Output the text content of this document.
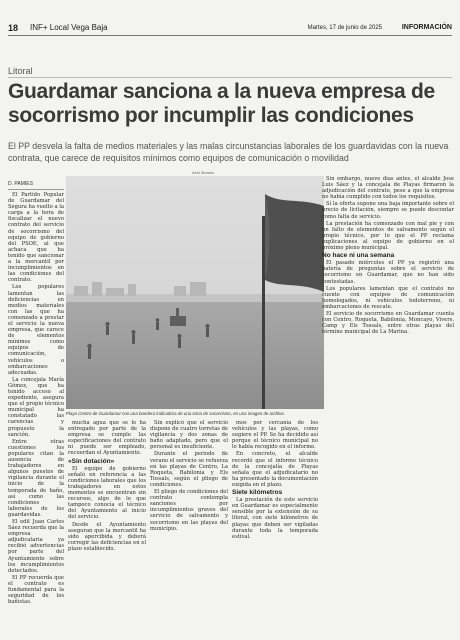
18 INF+ Local Vega Baja	Martes, 17 de junio de 2025	INFORMACIÓN
Litoral
Guardamar sanciona a la nueva empresa de socorrismo por incumplir las condiciones
El PP desvela la falta de medios materiales y las malas circunstancias laborales de los guardavidas con la nueva contrata, que carece de requisitos mínimos como equipos de comunicación o movilidad
D. PAMIES
Axel Álvarez
Playa Centro de Guardamar con una bandera indicadora de una zona de socorrismo, en una imagen de archivo.

El Partido Popular de Guardamar del Segura ha vuelto a la carga a la hora de fiscalizar el nuevo contrato del servicio de socorrismo del equipo de gobierno del PSOE, al que achaca que ha tenido que sancionar a la mercantil por incumplimientos en las condiciones del contrato.

Los populares lamentan las deficiencias en medios materiales con las que ha comenzado a prestar el servicio la nueva empresa, que carece de elementos mínimos como equipos de comunicación, vehículos o embarcaciones adecuadas.

La concejala María Gómez, que ha tenido acceso al expediente, asegura que el propio técnico municipal ha constatado las carencias y propuesto la sanción.

Entre otras cuestiones los populares citan la ausencia de trabajadores en algunos puestos de vigilancia durante el inicio de la temporada de baño, así como las condiciones laborales de los guardavidas.

El edil Juan Carlos Sáez recuerda que la empresa adjudicataria ya recibió advertencias por parte del Ayuntamiento sobre los incumplimientos detectados.

El PP recuerda que el contrato es fundamental para la seguridad de los bañistas.

mucha agua que se le ha entregado por parte de la empresa se cumple las especificaciones del contrato ni puede ser empleado, recuerdan el Ayuntamiento.

«Sin dotación»

El equipo de gobierno señaló en referencia a las condiciones laborales que los trabajadores en estos momentos se encuentran sin recursos, algo de lo que tampoco conocía el técnico del Ayuntamiento al inicio del servicio.

Desde el Ayuntamiento aseguran que la mercantil ha sido apercibida y deberá corregir las deficiencias en el plazo establecido.

Sin explicó que el servicio dispone de cuatro torretas de vigilancia y dos zonas de baño adaptado, pero que el personal es insuficiente.

Durante el periodo de verano el servicio se refuerza en las playas de Centro, La Roqueta, Babilonia y Els Tossals, según el pliego de condiciones.

El pliego de condiciones del contrato contempla sanciones por incumplimientos graves del servicio de salvamento y socorrismo en las playas del municipio.

mos por cercanía de los vehículos y las playas, como sugiere el PP. Se ha decidido así porque el técnico municipal no lo había recogido en el informe.

En concreto, el alcalde recordó que el informe técnico de la concejalía de Playas señala que el adjudicatario no ha presentado la documentación exigida en el plazo.

Siete kilómetros

La prestación de este servicio en Guardamar es especialmente sensible por la extensión de su litoral, con siete kilómetros de playas que deben ser vigiladas durante toda la temporada estival.

Sin embargo, nueve días antes, el alcalde Jose Luis Sáez y la concejala de Playas firmaron la adjudicación del contrato, pese a que la empresa no había cumplido con todos los requisitos.

Sí la oferta supone una baja importante sobre el precio de licitación, siempre se puede descontar como falta de servicio.

La prestación ha comenzado con mal pie y con un falto de elementos de salvamento según el propio técnico, por lo que el PP reclama explicaciones al equipo de gobierno en el próximo pleno municipal.

No hace ni una semana

El pasado miércoles el PP ya registró una batería de preguntas sobre el servicio de socorrismo en Guardamar, que no han sido contestadas.

Los populares lamentan que el contrato no cuente con equipos de comunicación homologados, ni vehículos todoterreno, ni embarcaciones de rescate.

El servicio de socorrismo en Guardamar cuenta con Centro, Roqueta, Babilonia, Moncayo, Vivers, Camp y Els Tossals, entre otras playas del término municipal de La Marina.
